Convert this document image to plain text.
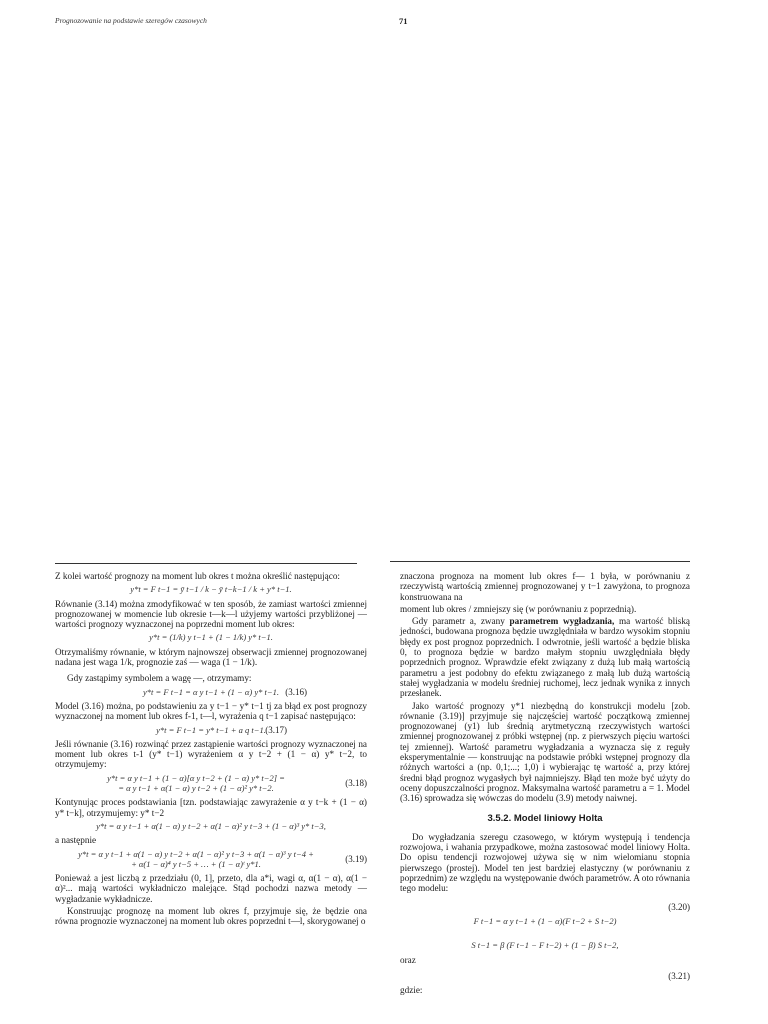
Prognozowanie na podstawie szeregów czasowych	71

Z kolei wartość prognozy na moment lub okres t można określić następująco:

y*t = F t−1 = ȳ t−1 / k − ȳ t−k−1 / k + y* t−1.

Równanie (3.14) można zmodyfikować w ten sposób, że zamiast wartości zmiennej prognozowanej w momencie lub okresie t—k—l użyjemy wartości przybliżonej — wartości prognozy wyznaczonej na poprzedni moment lub okres:

y*t = (1/k) y t−1 + (1 − 1/k) y* t−1.

Otrzymaliśmy równanie, w którym najnowszej obserwacji zmiennej prognozowanej nadana jest waga 1/k, prognozie zaś — waga (1 − 1/k).

Gdy zastąpimy symbolem a wagę —, otrzymamy:

y*t = F t−1 = α y t−1 + (1 − α) y* t−1. (3.16)

Model (3.16) można, po podstawieniu za y t−1 − y* t−1 tj za błąd ex post prognozy wyznaczonej na moment lub okres f-1, t—l, wyrażenia q t−1 zapisać następująco:

y*t = F t−1 = y* t−1 + a q t−1. (3.17)

Jeśli równanie (3.16) rozwinąć przez zastąpienie wartości prognozy wyznaczonej na moment lub okres t-1 (y* t−1) wyrażeniem α y t−2 + (1 − α) y* t−2, to otrzymujemy:

y*t = α y t−1 + (1 − α)[α y t−2 + (1 − α) y* t−2] =
= α y t−1 + α(1 − α) y t−2 + (1 − α)² y* t−2.
(3.18)

Kontynując proces podstawiania [tzn. podstawiając zawyrażenie α y t−k + (1 − α) y* t−k], otrzymujemy: y* t−2

y*t = α y t−1 + α(1 − α) y t−2 + α(1 − α)² y t−3 + (1 − α)³ y* t−3,

a następnie

y*t = α y t−1 + α(1 − α) y t−2 + α(1 − α)² y t−3 + α(1 − α)³ y t−4 +
+ α(1 − α)⁴ y t−5 + … + (1 − α)ᵗ y*1.
(3.19)

Ponieważ a jest liczbą z przedziału (0, 1], przeto, dla a*i, wagi α, α(1 − α), α(1 − α)²... mają wartości wykładniczo malejące. Stąd pochodzi nazwa metody — wygładzanie wykładnicze.

Konstruując prognozę na moment lub okres f, przyjmuje się, że będzie ona równa prognozie wyznaczonej na moment lub okres poprzedni t—l, skorygowanej o

znaczona prognoza na moment lub okres f— 1 była, w porównaniu z rzeczywistą wartością zmiennej prognozowanej y t−1 zawyżona, to prognoza konstruowana na

moment lub okres / zmniejszy się (w porównaniu z poprzednią).

Gdy parametr a, zwany parametrem wygładzania, ma wartość bliską jedności, budowana prognoza będzie uwzględniała w bardzo wysokim stopniu błędy ex post prognoz poprzednich. I odwrotnie, jeśli wartość a będzie bliska 0, to prognoza będzie w bardzo małym stopniu uwzględniała błędy poprzednich prognoz. Wprawdzie efekt związany z dużą lub małą wartością parametru a jest podobny do efektu związanego z małą lub dużą wartością stałej wygładzania w modelu średniej ruchomej, lecz jednak wynika z innych przesłanek.

Jako wartość prognozy y*1 niezbędną do konstrukcji modelu [zob. równanie (3.19)] przyjmuje się najczęściej wartość początkową zmiennej prognozowanej (y1) lub średnią arytmetyczną rzeczywistych wartości zmiennej prognozowanej z próbki wstępnej (np. z pierwszych pięciu wartości tej zmiennej). Wartość parametru wygładzania a wyznacza się z reguły eksperymentalnie — konstruując na podstawie próbki wstępnej prognozy dla różnych wartości a (np. 0,1;...; 1,0) i wybierając tę wartość a, przy której średni błąd prognoz wygasłych był najmniejszy. Błąd ten może być użyty do oceny dopuszczalności prognoz. Maksymalna wartość parametru a = 1. Model (3.16) sprowadza się wówczas do modelu (3.9) metody naiwnej.

3.5.2. Model liniowy Holta

Do wygładzania szeregu czasowego, w którym występują i tendencja rozwojowa, i wahania przypadkowe, można zastosować model liniowy Holta. Do opisu tendencji rozwojowej używa się w nim wielomianu stopnia pierwszego (prostej). Model ten jest bardziej elastyczny (w porównaniu z poprzednim) ze względu na występowanie dwóch parametrów. A oto równania tego modelu:

(3.20)
F t−1 = α y t−1 + (1 − α)(F t−2 + S t−2)
S t−1 = β (F t−1 − F t−2) + (1 − β) S t−2,

oraz

(3.21)

gdzie:
